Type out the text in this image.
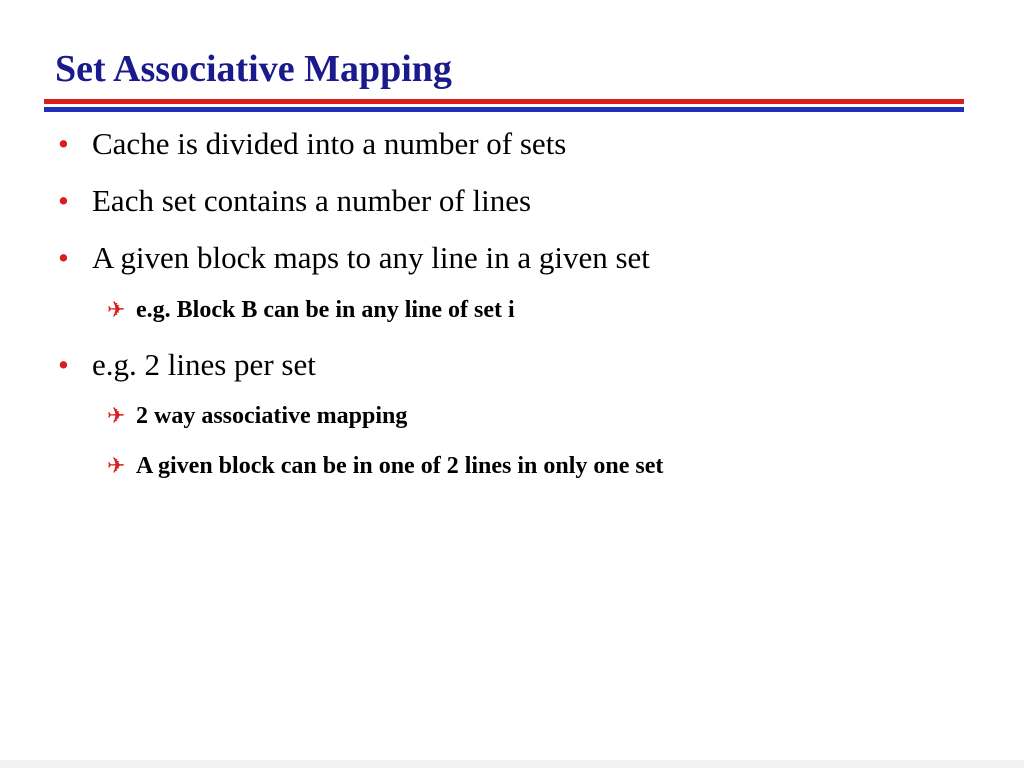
Set Associative Mapping
• Cache is divided into a number of sets
• Each set contains a number of lines
• A given block maps to any line in a given set
✈ e.g. Block B can be in any line of set i
• e.g. 2 lines per set
✈ 2 way associative mapping
✈ A given block can be in one of 2 lines in only one set
